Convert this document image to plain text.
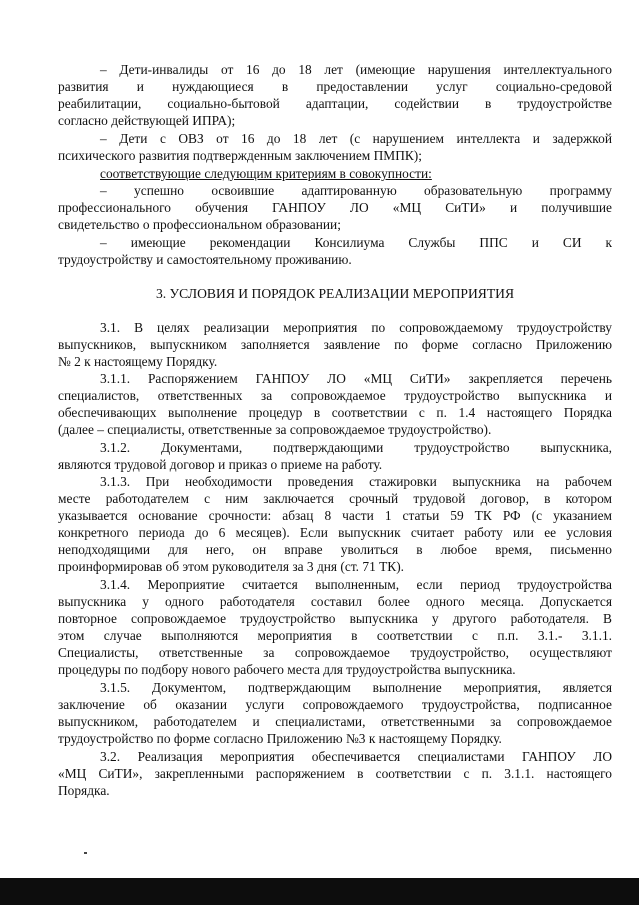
– Дети-инвалиды от 16 до 18 лет (имеющие нарушения интеллектуального
развития и нуждающиеся в предоставлении услуг социально-средовой
реабилитации, социально-бытовой адаптации, содействии в трудоустройстве
согласно действующей ИПРА);
– Дети с ОВЗ от 16 до 18 лет (с нарушением интеллекта и задержкой
психического развития подтвержденным заключением ПМПК);
соответствующие следующим критериям в совокупности:
– успешно освоившие адаптированную образовательную программу
профессионального обучения ГАНПОУ ЛО «МЦ СиТИ» и получившие
свидетельство о профессиональном образовании;
– имеющие рекомендации Консилиума Службы ППС и СИ к
трудоустройству и самостоятельному проживанию.
3. УСЛОВИЯ И ПОРЯДОК РЕАЛИЗАЦИИ МЕРОПРИЯТИЯ
3.1. В целях реализации мероприятия по сопровождаемому трудоустройству
выпускников, выпускником заполняется заявление по форме согласно Приложению
№ 2 к настоящему Порядку.
3.1.1. Распоряжением ГАНПОУ ЛО «МЦ СиТИ» закрепляется перечень
специалистов, ответственных за сопровождаемое трудоустройство выпускника и
обеспечивающих выполнение процедур в соответствии с п. 1.4 настоящего Порядка
(далее – специалисты, ответственные за сопровождаемое трудоустройство).
3.1.2. Документами, подтверждающими трудоустройство выпускника,
являются трудовой договор и приказ о приеме на работу.
3.1.3. При необходимости проведения стажировки выпускника на рабочем
месте работодателем с ним заключается срочный трудовой договор, в котором
указывается основание срочности: абзац 8 части 1 статьи 59 ТК РФ (с указанием
конкретного периода до 6 месяцев). Если выпускник считает работу или ее условия
неподходящими для него, он вправе уволиться в любое время, письменно
проинформировав об этом руководителя за 3 дня (ст. 71 ТК).
3.1.4. Мероприятие считается выполненным, если период трудоустройства
выпускника у одного работодателя составил более одного месяца. Допускается
повторное сопровождаемое трудоустройство выпускника у другого работодателя. В
этом случае выполняются мероприятия в соответствии с п.п. 3.1.- 3.1.1.
Специалисты, ответственные за сопровождаемое трудоустройство, осуществляют
процедуры по подбору нового рабочего места для трудоустройства выпускника.
3.1.5. Документом, подтверждающим выполнение мероприятия, является
заключение об оказании услуги сопровождаемого трудоустройства, подписанное
выпускником, работодателем и специалистами, ответственными за сопровождаемое
трудоустройство по форме согласно Приложению №3 к настоящему Порядку.
3.2. Реализация мероприятия обеспечивается специалистами ГАНПОУ ЛО
«МЦ СиТИ», закрепленными распоряжением в соответствии с п. 3.1.1. настоящего
Порядка.
